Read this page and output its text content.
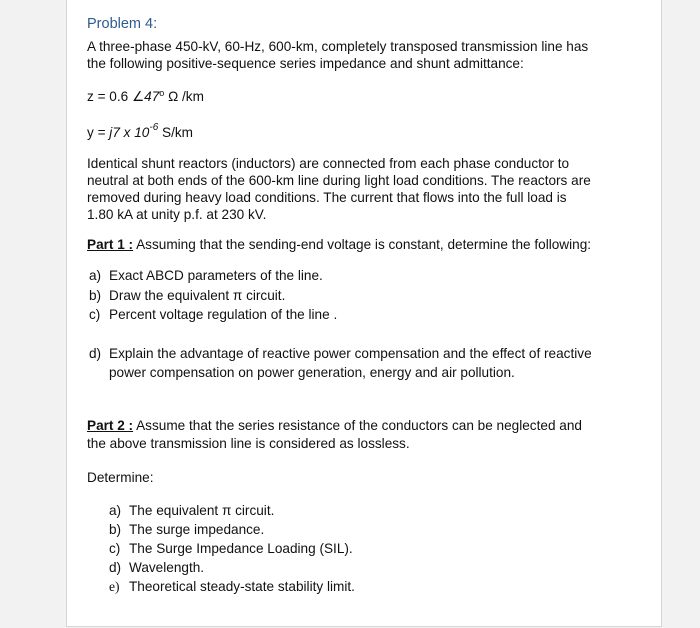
Problem 4:
A three-phase 450-kV, 60-Hz, 600-km, completely transposed transmission line has
the following positive-sequence series impedance and shunt admittance:
z = 0.6 ∠47$^o$ Ω /km
y = j7 x $10^{-6}$ S/km
Identical shunt reactors (inductors) are connected from each phase conductor to
neutral at both ends of the 600-km line during light load conditions. The reactors are
removed during heavy load conditions. The current that flows into the full load is
1.80 kA at unity p.f. at 230 kV.
Part 1 : Assuming that the sending-end voltage is constant, determine the following:
a) Exact ABCD parameters of the line.
b) Draw the equivalent π circuit.
c) Percent voltage regulation of the line .
d) Explain the advantage of reactive power compensation and the effect of reactive
power compensation on power generation, energy and air pollution.
Part 2 : Assume that the series resistance of the conductors can be neglected and
the above transmission line is considered as lossless.
Determine:
a) The equivalent π circuit.
b) The surge impedance.
c) The Surge Impedance Loading (SIL).
d) Wavelength.
e) Theoretical steady-state stability limit.
